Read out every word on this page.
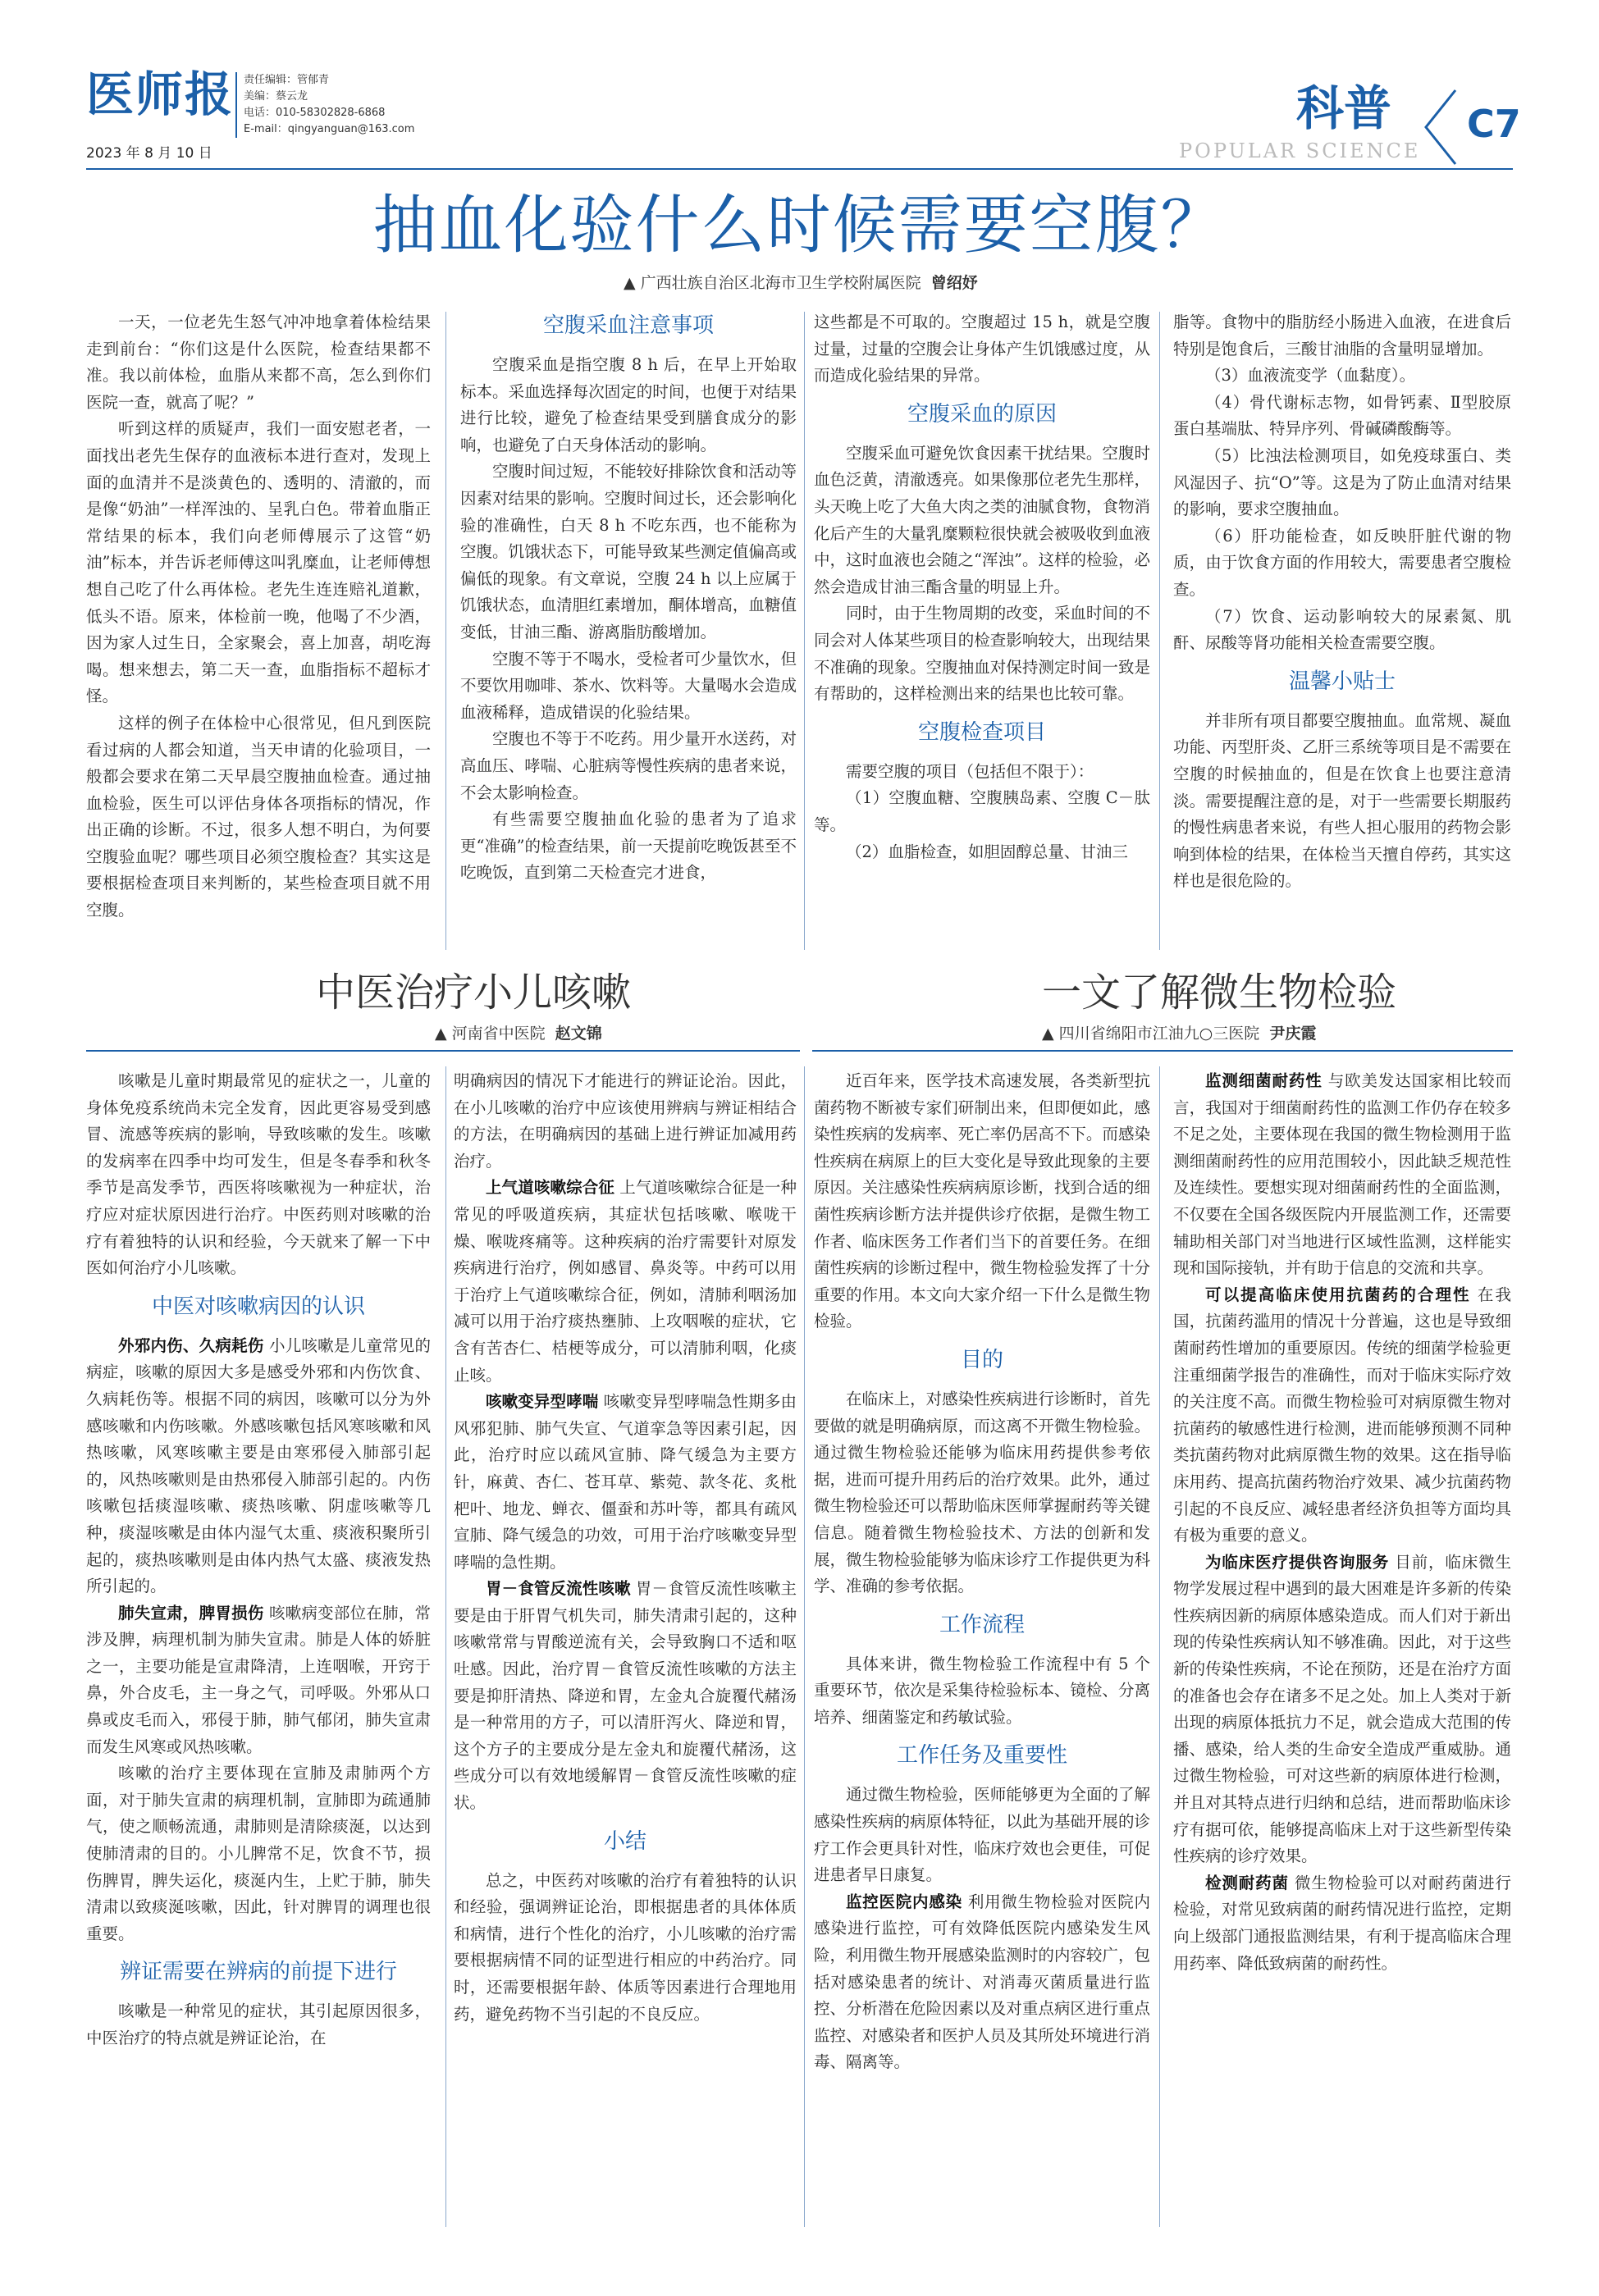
医师报
2023 年 8 月 10 日
责任编辑：管郁青
美编：蔡云龙
电话：010-58302828-6868
E-mail：qingyanguan@163.com	科普
POPULAR SCIENCE
C7
抽血化验什么时候需要空腹？
▲ 广西壮族自治区北海市卫生学校附属医院 曾绍妤

一天，一位老先生怒气冲冲地拿着体检结果走到前台：“你们这是什么医院，检查结果都不准。我以前体检，血脂从来都不高，怎么到你们医院一查，就高了呢？”

听到这样的质疑声，我们一面安慰老者，一面找出老先生保存的血液标本进行查对，发现上面的血清并不是淡黄色的、透明的、清澈的，而是像“奶油”一样浑浊的、呈乳白色。带着血脂正常结果的标本，我们向老师傅展示了这管“奶油”标本，并告诉老师傅这叫乳糜血，让老师傅想想自己吃了什么再体检。老先生连连赔礼道歉，低头不语。原来，体检前一晚，他喝了不少酒，因为家人过生日，全家聚会，喜上加喜，胡吃海喝。想来想去，第二天一查，血脂指标不超标才怪。

这样的例子在体检中心很常见，但凡到医院看过病的人都会知道，当天申请的化验项目，一般都会要求在第二天早晨空腹抽血检查。通过抽血检验，医生可以评估身体各项指标的情况，作出正确的诊断。不过，很多人想不明白，为何要空腹验血呢？哪些项目必须空腹检查？其实这是要根据检查项目来判断的，某些检查项目就不用空腹。

空腹采血注意事项

空腹采血是指空腹 8 h 后，在早上开始取标本。采血选择每次固定的时间，也便于对结果进行比较，避免了检查结果受到膳食成分的影响，也避免了白天身体活动的影响。

空腹时间过短，不能较好排除饮食和活动等因素对结果的影响。空腹时间过长，还会影响化验的准确性，白天 8 h 不吃东西，也不能称为空腹。饥饿状态下，可能导致某些测定值偏高或偏低的现象。有文章说，空腹 24 h 以上应属于饥饿状态，血清胆红素增加，酮体增高，血糖值变低，甘油三酯、游离脂肪酸增加。

空腹不等于不喝水，受检者可少量饮水，但不要饮用咖啡、茶水、饮料等。大量喝水会造成血液稀释，造成错误的化验结果。

空腹也不等于不吃药。用少量开水送药，对高血压、哮喘、心脏病等慢性疾病的患者来说，不会太影响检查。

有些需要空腹抽血化验的患者为了追求更“准确”的检查结果，前一天提前吃晚饭甚至不吃晚饭，直到第二天检查完才进食，

这些都是不可取的。空腹超过 15 h，就是空腹过量，过量的空腹会让身体产生饥饿感过度，从而造成化验结果的异常。

空腹采血的原因

空腹采血可避免饮食因素干扰结果。空腹时血色泛黄，清澈透亮。如果像那位老先生那样，头天晚上吃了大鱼大肉之类的油腻食物，食物消化后产生的大量乳糜颗粒很快就会被吸收到血液中，这时血液也会随之“浑浊”。这样的检验，必然会造成甘油三酯含量的明显上升。

同时，由于生物周期的改变，采血时间的不同会对人体某些项目的检查影响较大，出现结果不准确的现象。空腹抽血对保持测定时间一致是有帮助的，这样检测出来的结果也比较可靠。

空腹检查项目

需要空腹的项目（包括但不限于）：

（1）空腹血糖、空腹胰岛素、空腹 C－肽等。

（2）血脂检查，如胆固醇总量、甘油三

脂等。食物中的脂肪经小肠进入血液，在进食后特别是饱食后，三酸甘油脂的含量明显增加。

（3）血液流变学（血黏度）。

（4）骨代谢标志物，如骨钙素、Ⅱ型胶原蛋白基端肽、特异序列、骨碱磷酸酶等。

（5）比浊法检测项目，如免疫球蛋白、类风湿因子、抗“O”等。这是为了防止血清对结果的影响，要求空腹抽血。

（6）肝功能检查，如反映肝脏代谢的物质，由于饮食方面的作用较大，需要患者空腹检查。

（7）饮食、运动影响较大的尿素氮、肌酐、尿酸等肾功能相关检查需要空腹。

温馨小贴士

并非所有项目都要空腹抽血。血常规、凝血功能、丙型肝炎、乙肝三系统等项目是不需要在空腹的时候抽血的，但是在饮食上也要注意清淡。需要提醒注意的是，对于一些需要长期服药的慢性病患者来说，有些人担心服用的药物会影响到体检的结果，在体检当天擅自停药，其实这样也是很危险的。

中医治疗小儿咳嗽
▲ 河南省中医院 赵文锦
一文了解微生物检验
▲ 四川省绵阳市江油九○三医院 尹庆霞

咳嗽是儿童时期最常见的症状之一，儿童的身体免疫系统尚未完全发育，因此更容易受到感冒、流感等疾病的影响，导致咳嗽的发生。咳嗽的发病率在四季中均可发生，但是冬春季和秋冬季节是高发季节，西医将咳嗽视为一种症状，治疗应对症状原因进行治疗。中医药则对咳嗽的治疗有着独特的认识和经验，今天就来了解一下中医如何治疗小儿咳嗽。

中医对咳嗽病因的认识

外邪内伤、久病耗伤 小儿咳嗽是儿童常见的病症，咳嗽的原因大多是感受外邪和内伤饮食、久病耗伤等。根据不同的病因，咳嗽可以分为外感咳嗽和内伤咳嗽。外感咳嗽包括风寒咳嗽和风热咳嗽，风寒咳嗽主要是由寒邪侵入肺部引起的，风热咳嗽则是由热邪侵入肺部引起的。内伤咳嗽包括痰湿咳嗽、痰热咳嗽、阴虚咳嗽等几种，痰湿咳嗽是由体内湿气太重、痰液积聚所引起的，痰热咳嗽则是由体内热气太盛、痰液发热所引起的。

肺失宣肃，脾胃损伤 咳嗽病变部位在肺，常涉及脾，病理机制为肺失宣肃。肺是人体的娇脏之一，主要功能是宣肃降清，上连咽喉，开窍于鼻，外合皮毛，主一身之气，司呼吸。外邪从口鼻或皮毛而入，邪侵于肺，肺气郁闭，肺失宣肃而发生风寒或风热咳嗽。

咳嗽的治疗主要体现在宣肺及肃肺两个方面，对于肺失宣肃的病理机制，宣肺即为疏通肺气，使之顺畅流通，肃肺则是清除痰涎，以达到使肺清肃的目的。小儿脾常不足，饮食不节，损伤脾胃，脾失运化，痰涎内生，上贮于肺，肺失清肃以致痰涎咳嗽，因此，针对脾胃的调理也很重要。

辨证需要在辨病的前提下进行

咳嗽是一种常见的症状，其引起原因很多，中医治疗的特点就是辨证论治，在

明确病因的情况下才能进行的辨证论治。因此，在小儿咳嗽的治疗中应该使用辨病与辨证相结合的方法，在明确病因的基础上进行辨证加减用药治疗。

上气道咳嗽综合征 上气道咳嗽综合征是一种常见的呼吸道疾病，其症状包括咳嗽、喉咙干燥、喉咙疼痛等。这种疾病的治疗需要针对原发疾病进行治疗，例如感冒、鼻炎等。中药可以用于治疗上气道咳嗽综合征，例如，清肺利咽汤加减可以用于治疗痰热壅肺、上攻咽喉的症状，它含有苦杏仁、桔梗等成分，可以清肺利咽，化痰止咳。

咳嗽变异型哮喘 咳嗽变异型哮喘急性期多由风邪犯肺、肺气失宣、气道挛急等因素引起，因此，治疗时应以疏风宣肺、降气缓急为主要方针，麻黄、杏仁、苍耳草、紫菀、款冬花、炙枇杷叶、地龙、蝉衣、僵蚕和苏叶等，都具有疏风宣肺、降气缓急的功效，可用于治疗咳嗽变异型哮喘的急性期。

胃－食管反流性咳嗽 胃－食管反流性咳嗽主要是由于肝胃气机失司，肺失清肃引起的，这种咳嗽常常与胃酸逆流有关，会导致胸口不适和呕吐感。因此，治疗胃－食管反流性咳嗽的方法主要是抑肝清热、降逆和胃，左金丸合旋覆代赭汤是一种常用的方子，可以清肝泻火、降逆和胃，这个方子的主要成分是左金丸和旋覆代赭汤，这些成分可以有效地缓解胃－食管反流性咳嗽的症状。

小结

总之，中医药对咳嗽的治疗有着独特的认识和经验，强调辨证论治，即根据患者的具体体质和病情，进行个性化的治疗，小儿咳嗽的治疗需要根据病情不同的证型进行相应的中药治疗。同时，还需要根据年龄、体质等因素进行合理地用药，避免药物不当引起的不良反应。

近百年来，医学技术高速发展，各类新型抗菌药物不断被专家们研制出来，但即便如此，感染性疾病的发病率、死亡率仍居高不下。而感染性疾病在病原上的巨大变化是导致此现象的主要原因。关注感染性疾病病原诊断，找到合适的细菌性疾病诊断方法并提供诊疗依据，是微生物工作者、临床医务工作者们当下的首要任务。在细菌性疾病的诊断过程中，微生物检验发挥了十分重要的作用。本文向大家介绍一下什么是微生物检验。

目的

在临床上，对感染性疾病进行诊断时，首先要做的就是明确病原，而这离不开微生物检验。通过微生物检验还能够为临床用药提供参考依据，进而可提升用药后的治疗效果。此外，通过微生物检验还可以帮助临床医师掌握耐药等关键信息。随着微生物检验技术、方法的创新和发展，微生物检验能够为临床诊疗工作提供更为科学、准确的参考依据。

工作流程

具体来讲，微生物检验工作流程中有 5 个重要环节，依次是采集待检验标本、镜检、分离培养、细菌鉴定和药敏试验。

工作任务及重要性

通过微生物检验，医师能够更为全面的了解感染性疾病的病原体特征，以此为基础开展的诊疗工作会更具针对性，临床疗效也会更佳，可促进患者早日康复。

监控医院内感染 利用微生物检验对医院内感染进行监控，可有效降低医院内感染发生风险，利用微生物开展感染监测时的内容较广，包括对感染患者的统计、对消毒灭菌质量进行监控、分析潜在危险因素以及对重点病区进行重点监控、对感染者和医护人员及其所处环境进行消毒、隔离等。

监测细菌耐药性 与欧美发达国家相比较而言，我国对于细菌耐药性的监测工作仍存在较多不足之处，主要体现在我国的微生物检测用于监测细菌耐药性的应用范围较小，因此缺乏规范性及连续性。要想实现对细菌耐药性的全面监测，不仅要在全国各级医院内开展监测工作，还需要辅助相关部门对当地进行区域性监测，这样能实现和国际接轨，并有助于信息的交流和共享。

可以提高临床使用抗菌药的合理性 在我国，抗菌药滥用的情况十分普遍，这也是导致细菌耐药性增加的重要原因。传统的细菌学检验更注重细菌学报告的准确性，而对于临床实际疗效的关注度不高。而微生物检验可对病原微生物对抗菌药的敏感性进行检测，进而能够预测不同种类抗菌药物对此病原微生物的效果。这在指导临床用药、提高抗菌药物治疗效果、减少抗菌药物引起的不良反应、减轻患者经济负担等方面均具有极为重要的意义。

为临床医疗提供咨询服务 目前，临床微生物学发展过程中遇到的最大困难是许多新的传染性疾病因新的病原体感染造成。而人们对于新出现的传染性疾病认知不够准确。因此，对于这些新的传染性疾病，不论在预防，还是在治疗方面的准备也会存在诸多不足之处。加上人类对于新出现的病原体抵抗力不足，就会造成大范围的传播、感染，给人类的生命安全造成严重威胁。通过微生物检验，可对这些新的病原体进行检测，并且对其特点进行归纳和总结，进而帮助临床诊疗有据可依，能够提高临床上对于这些新型传染性疾病的诊疗效果。

检测耐药菌 微生物检验可以对耐药菌进行检验，对常见致病菌的耐药情况进行监控，定期向上级部门通报监测结果，有利于提高临床合理用药率、降低致病菌的耐药性。
